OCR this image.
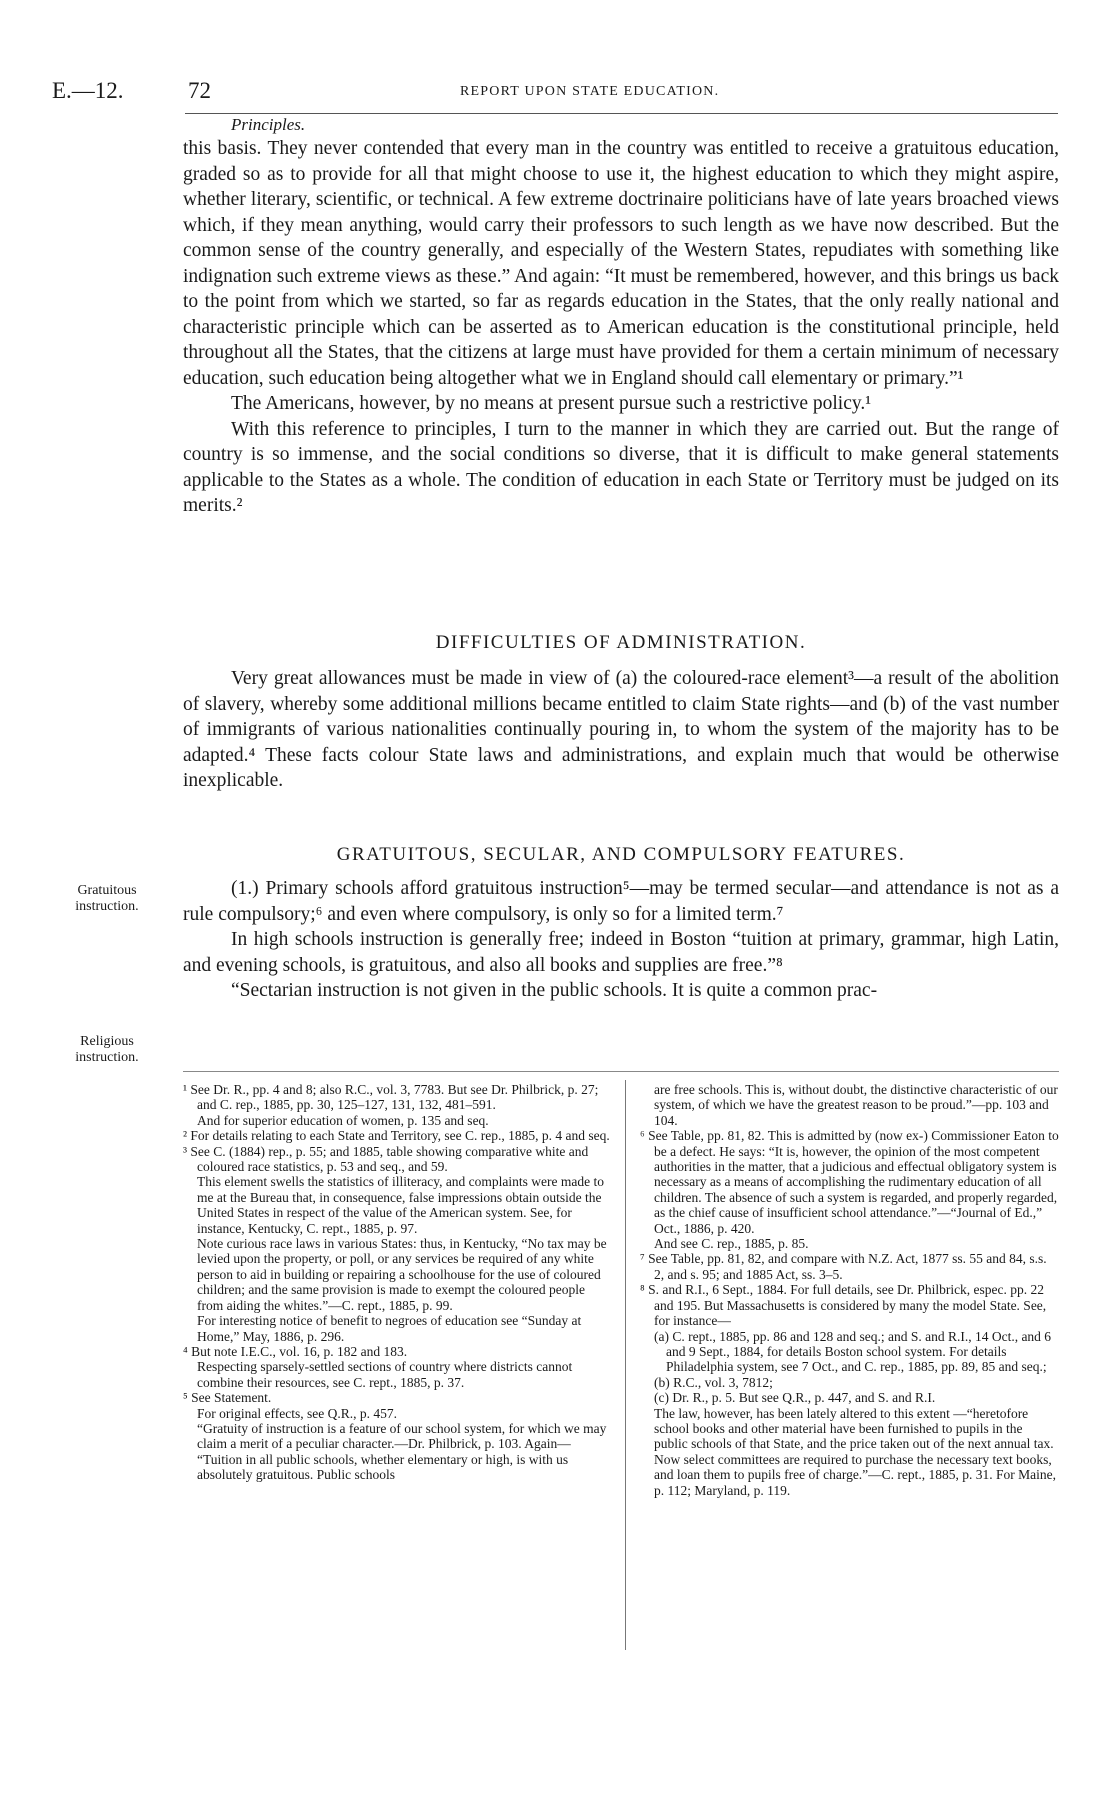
E.—12.	72	REPORT UPON STATE EDUCATION.
Principles.

this basis. They never contended that every man in the country was entitled to receive a gratuitous education, graded so as to provide for all that might choose to use it, the highest education to which they might aspire, whether literary, scientific, or technical. A few extreme doctrinaire politicians have of late years broached views which, if they mean anything, would carry their professors to such length as we have now described. But the common sense of the country generally, and especially of the Western States, repudiates with something like indignation such extreme views as these.” And again: “It must be remembered, however, and this brings us back to the point from which we started, so far as regards education in the States, that the only really national and characteristic principle which can be asserted as to American education is the constitutional principle, held throughout all the States, that the citizens at large must have provided for them a certain minimum of necessary education, such education being altogether what we in England should call elementary or primary.”¹

The Americans, however, by no means at present pursue such a restrictive policy.¹

With this reference to principles, I turn to the manner in which they are carried out. But the range of country is so immense, and the social conditions so diverse, that it is difficult to make general statements applicable to the States as a whole. The condition of education in each State or Territory must be judged on its merits.²

DIFFICULTIES OF ADMINISTRATION.

Very great allowances must be made in view of (a) the coloured-race element³—a result of the abolition of slavery, whereby some additional millions became entitled to claim State rights—and (b) of the vast number of immigrants of various nationalities continually pouring in, to whom the system of the majority has to be adapted.⁴ These facts colour State laws and administrations, and explain much that would be otherwise inexplicable.

GRATUITOUS, SECULAR, AND COMPULSORY FEATURES.
Gratuitous instruction.
Religious instruction.

(1.) Primary schools afford gratuitous instruction⁵—may be termed secular—and attendance is not as a rule compulsory;⁶ and even where compulsory, is only so for a limited term.⁷

In high schools instruction is generally free; indeed in Boston “tuition at primary, grammar, high Latin, and evening schools, is gratuitous, and also all books and supplies are free.”⁸

“Sectarian instruction is not given in the public schools. It is quite a common prac-

¹ See Dr. R., pp. 4 and 8; also R.C., vol. 3, 7783. But see Dr. Philbrick, p. 27; and C. rep., 1885, pp. 30, 125–127, 131, 132, 481–591.

And for superior education of women, p. 135 and seq.

² For details relating to each State and Territory, see C. rep., 1885, p. 4 and seq.

³ See C. (1884) rep., p. 55; and 1885, table showing comparative white and coloured race statistics, p. 53 and seq., and 59.

This element swells the statistics of illiteracy, and complaints were made to me at the Bureau that, in consequence, false impressions obtain outside the United States in respect of the value of the American system. See, for instance, Kentucky, C. rept., 1885, p. 97.

Note curious race laws in various States: thus, in Kentucky, “No tax may be levied upon the property, or poll, or any services be required of any white person to aid in building or repairing a schoolhouse for the use of coloured children; and the same provision is made to exempt the coloured people from aiding the whites.”—C. rept., 1885, p. 99.

For interesting notice of benefit to negroes of education see “Sunday at Home,” May, 1886, p. 296.

⁴ But note I.E.C., vol. 16, p. 182 and 183.

Respecting sparsely-settled sections of country where districts cannot combine their resources, see C. rept., 1885, p. 37.

⁵ See Statement.

For original effects, see Q.R., p. 457.

“Gratuity of instruction is a feature of our school system, for which we may claim a merit of a peculiar character.—Dr. Philbrick, p. 103. Again—

“Tuition in all public schools, whether elementary or high, is with us absolutely gratuitous. Public schools

are free schools. This is, without doubt, the distinctive characteristic of our system, of which we have the greatest reason to be proud.”—pp. 103 and 104.

⁶ See Table, pp. 81, 82. This is admitted by (now ex-) Commissioner Eaton to be a defect. He says: “It is, however, the opinion of the most competent authorities in the matter, that a judicious and effectual obligatory system is necessary as a means of accomplishing the rudimentary education of all children. The absence of such a system is regarded, and properly regarded, as the chief cause of insufficient school attendance.”—“Journal of Ed.,” Oct., 1886, p. 420.

And see C. rep., 1885, p. 85.

⁷ See Table, pp. 81, 82, and compare with N.Z. Act, 1877 ss. 55 and 84, s.s. 2, and s. 95; and 1885 Act, ss. 3–5.

⁸ S. and R.I., 6 Sept., 1884. For full details, see Dr. Philbrick, espec. pp. 22 and 195. But Massachusetts is considered by many the model State. See, for instance—

(a) C. rept., 1885, pp. 86 and 128 and seq.; and S. and R.I., 14 Oct., and 6 and 9 Sept., 1884, for details Boston school system. For details Philadelphia system, see 7 Oct., and C. rep., 1885, pp. 89, 85 and seq.;

(b) R.C., vol. 3, 7812;

(c) Dr. R., p. 5. But see Q.R., p. 447, and S. and R.I.

The law, however, has been lately altered to this extent —“heretofore school books and other material have been furnished to pupils in the public schools of that State, and the price taken out of the next annual tax. Now select committees are required to purchase the necessary text books, and loan them to pupils free of charge.”—C. rept., 1885, p. 31. For Maine, p. 112; Maryland, p. 119.
